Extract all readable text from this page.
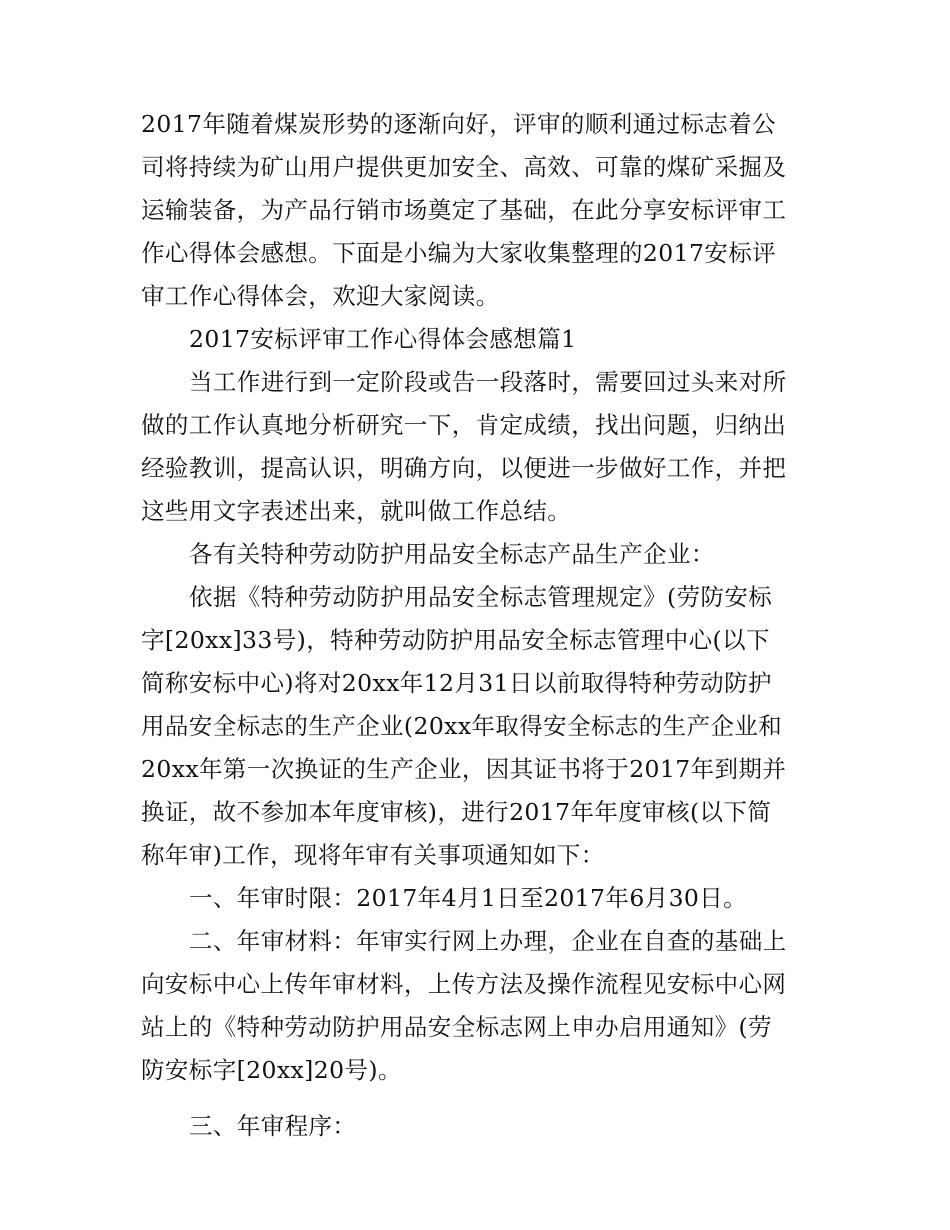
2017年随着煤炭形势的逐渐向好，评审的顺利通过标志着公
司将持续为矿山用户提供更加安全、高效、可靠的煤矿采掘及
运输装备，为产品行销市场奠定了基础，在此分享安标评审工
作心得体会感想。下面是小编为大家收集整理的2017安标评
审工作心得体会，欢迎大家阅读。
2017安标评审工作心得体会感想篇1
当工作进行到一定阶段或告一段落时，需要回过头来对所
做的工作认真地分析研究一下，肯定成绩，找出问题，归纳出
经验教训，提高认识，明确方向，以便进一步做好工作，并把
这些用文字表述出来，就叫做工作总结。
各有关特种劳动防护用品安全标志产品生产企业：
依据《特种劳动防护用品安全标志管理规定》(劳防安标
字[20xx]33号)，特种劳动防护用品安全标志管理中心(以下
简称安标中心)将对20xx年12月31日以前取得特种劳动防护
用品安全标志的生产企业(20xx年取得安全标志的生产企业和
20xx年第一次换证的生产企业，因其证书将于2017年到期并
换证，故不参加本年度审核)，进行2017年年度审核(以下简
称年审)工作，现将年审有关事项通知如下：
一、年审时限：2017年4月1日至2017年6月30日。
二、年审材料：年审实行网上办理，企业在自查的基础上
向安标中心上传年审材料，上传方法及操作流程见安标中心网
站上的《特种劳动防护用品安全标志网上申办启用通知》(劳
防安标字[20xx]20号)。
三、年审程序：
